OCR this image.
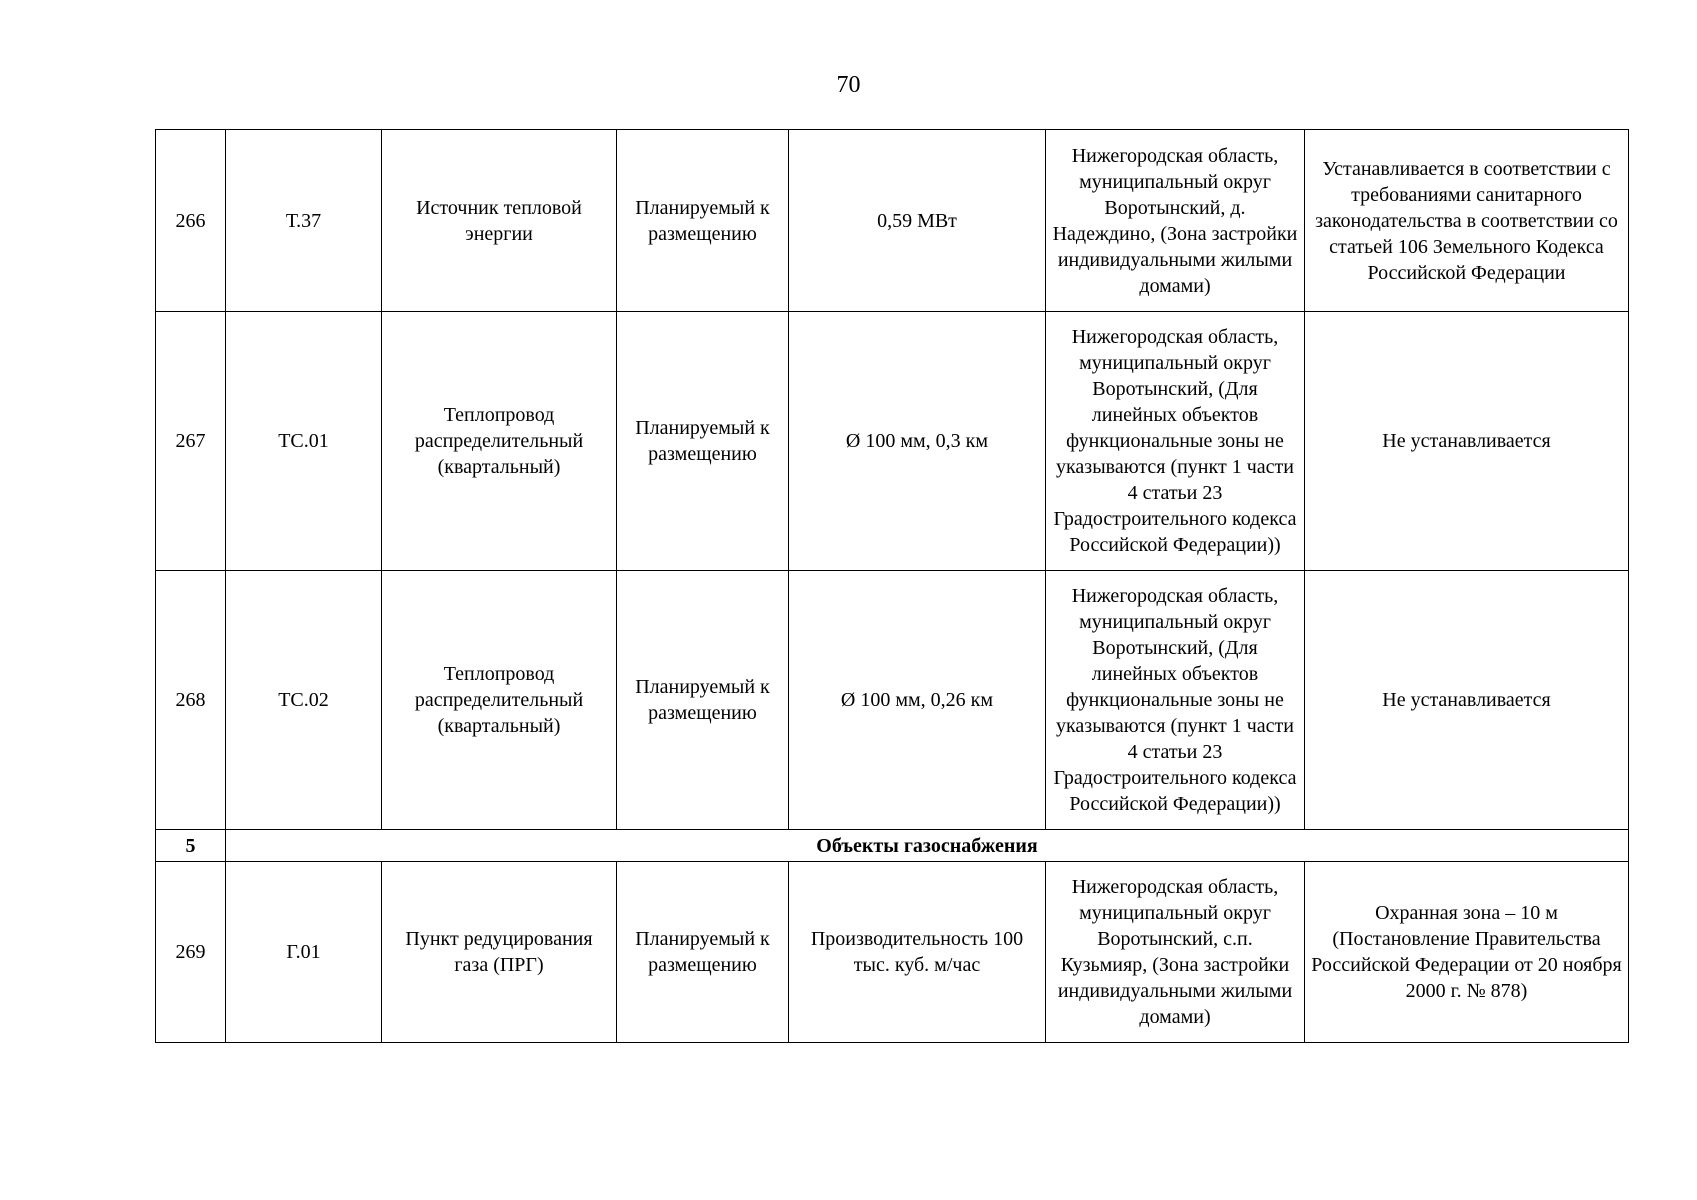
70
266	Т.37	Источник тепловой энергии	Планируемый к размещению	0,59 МВт	Нижегородская область, муниципальный округ Воротынский, д. Надеждино, (Зона застройки индивидуальными жилыми домами)	Устанавливается в соответствии с требованиями санитарного законодательства в соответствии со статьей 106 Земельного Кодекса Российской Федерации
267	ТС.01	Теплопровод распределительный (квартальный)	Планируемый к размещению	Ø 100 мм, 0,3 км	Нижегородская область, муниципальный округ Воротынский, (Для линейных объектов функциональные зоны не указываются (пункт 1 части 4 статьи 23 Градостроительного кодекса Российской Федерации))	Не устанавливается
268	ТС.02	Теплопровод распределительный (квартальный)	Планируемый к размещению	Ø 100 мм, 0,26 км	Нижегородская область, муниципальный округ Воротынский, (Для линейных объектов функциональные зоны не указываются (пункт 1 части 4 статьи 23 Градостроительного кодекса Российской Федерации))	Не устанавливается
5	Объекты газоснабжения					
269	Г.01	Пункт редуцирования газа (ПРГ)	Планируемый к размещению	Производительность 100 тыс. куб. м/час	Нижегородская область, муниципальный округ Воротынский, с.п. Кузьмияр, (Зона застройки индивидуальными жилыми домами)	Охранная зона – 10 м (Постановление Правительства Российской Федерации от 20 ноября 2000 г. № 878)
